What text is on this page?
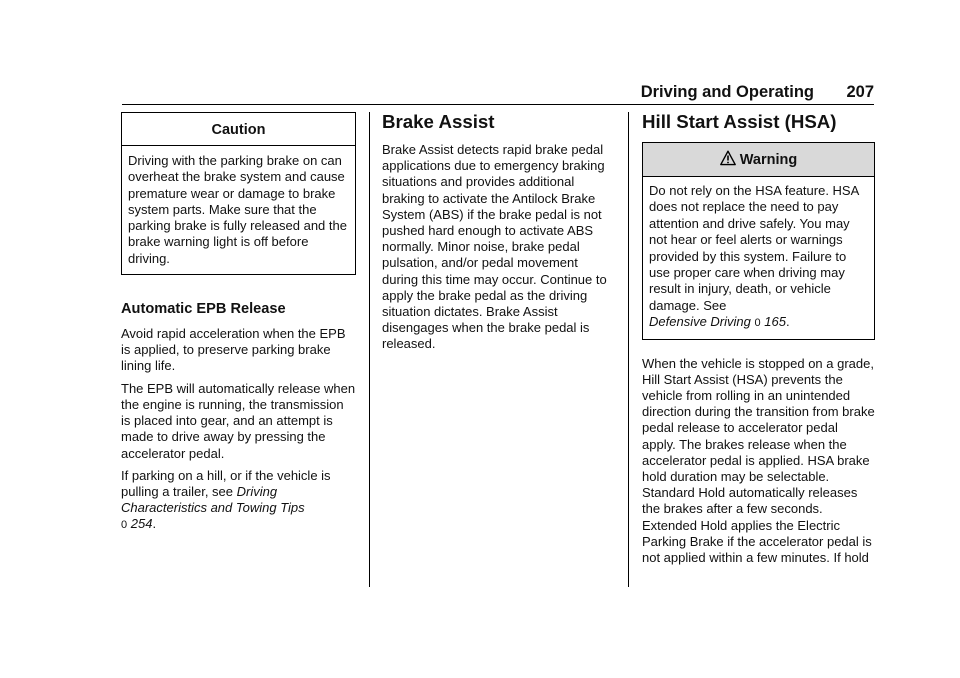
Driving and Operating 207
Caution
Driving with the parking brake on can overheat the brake system and cause premature wear or damage to brake system parts. Make sure that the parking brake is fully released and the brake warning light is off before driving.
Automatic EPB Release

Avoid rapid acceleration when the EPB is applied, to preserve parking brake lining life.

The EPB will automatically release when the engine is running, the transmission is placed into gear, and an attempt is made to drive away by pressing the accelerator pedal.

If parking on a hill, or if the vehicle is pulling a trailer, see Driving Characteristics and Towing Tips
0 254.

Brake Assist

Brake Assist detects rapid brake pedal applications due to emergency braking situations and provides additional braking to activate the Antilock Brake System (ABS) if the brake pedal is not pushed hard enough to activate ABS normally. Minor noise, brake pedal pulsation, and/or pedal movement during this time may occur. Continue to apply the brake pedal as the driving situation dictates. Brake Assist disengages when the brake pedal is released.

Hill Start Assist (HSA)
Warning
Do not rely on the HSA feature. HSA does not replace the need to pay attention and drive safely. You may not hear or feel alerts or warnings provided by this system. Failure to use proper care when driving may result in injury, death, or vehicle damage. See
Defensive Driving 0 165.

When the vehicle is stopped on a grade, Hill Start Assist (HSA) prevents the vehicle from rolling in an unintended direction during the transition from brake pedal release to accelerator pedal apply. The brakes release when the accelerator pedal is applied. HSA brake hold duration may be selectable. Standard Hold automatically releases the brakes after a few seconds. Extended Hold applies the Electric Parking Brake if the accelerator pedal is not applied within a few minutes. If hold
